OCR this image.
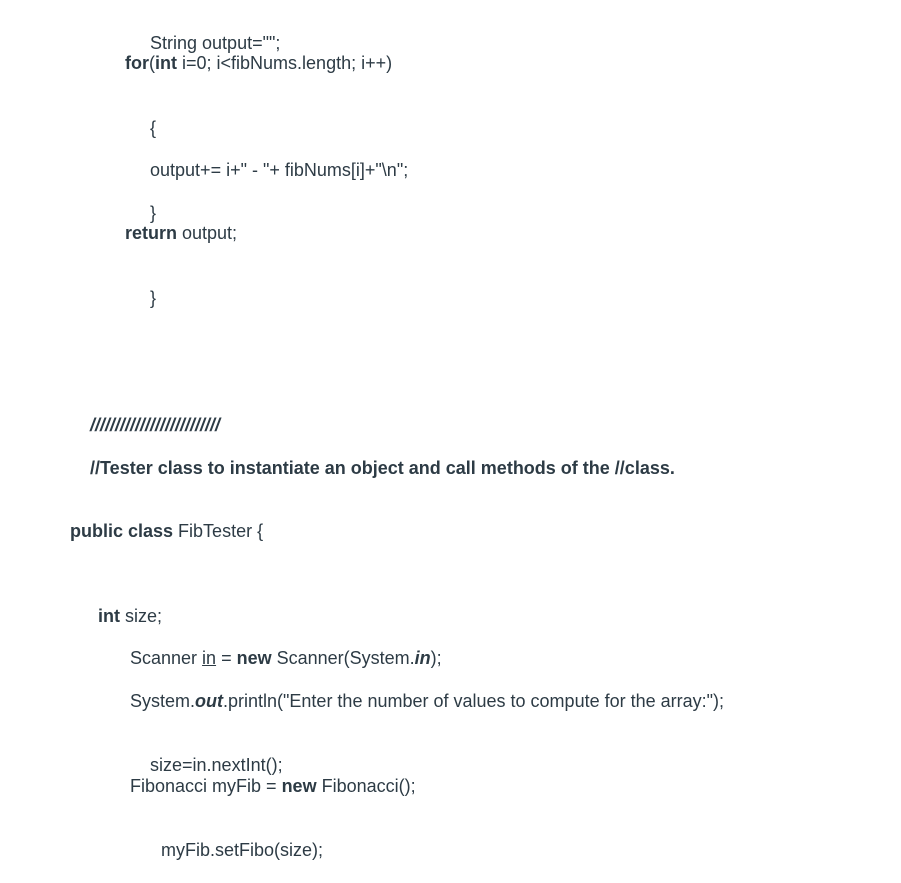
String output="";

for(int i=0; i<fibNums.length; i++)

{

output+= i+" - "+ fibNums[i]+"\n";

}

return output;

}

//////////////////////////

//Tester class to instantiate an object and call methods of the //class.

public class FibTester {
int size;
Scanner in = new Scanner(System.in);
System.out.println("Enter the number of values to compute for the array:");

size=in.nextInt();

Fibonacci myFib = new Fibonacci();

myFib.setFibo(size);
